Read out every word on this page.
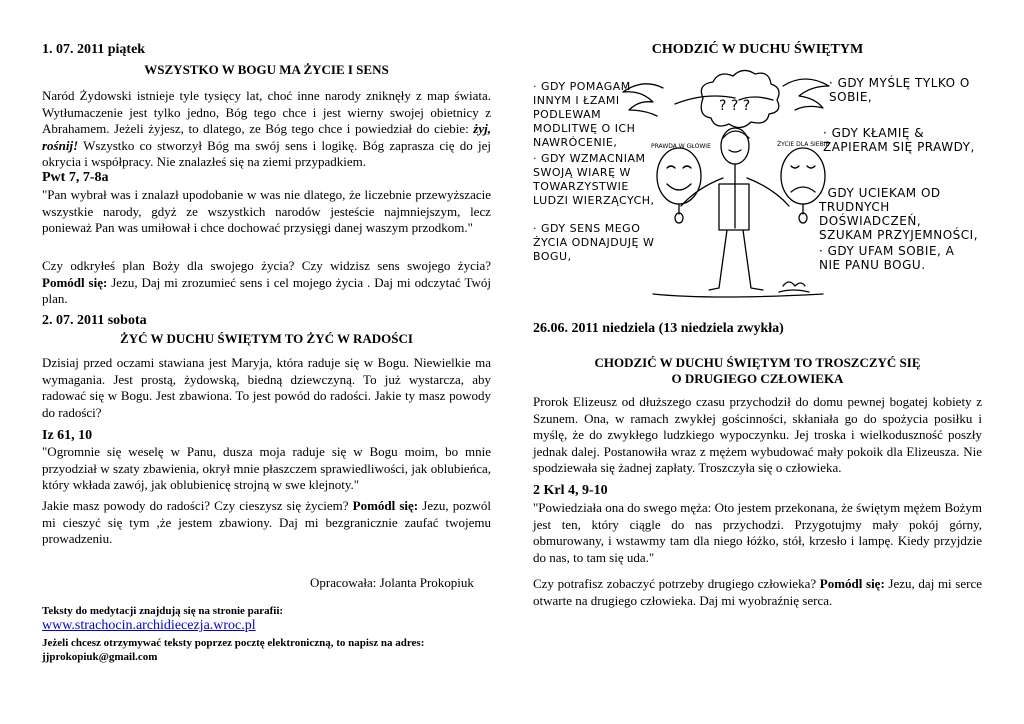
1. 07. 2011 piątek

WSZYSTKO W BOGU MA ŻYCIE I SENS

Naród Żydowski istnieje tyle tysięcy lat, choć inne narody zniknęły z map świata. Wytłumaczenie jest tylko jedno, Bóg tego chce i jest wierny swojej obietnicy z Abrahamem. Jeżeli żyjesz, to dlatego, ze Bóg tego chce i powiedział do ciebie: żyj, rośnij! Wszystko co stworzył Bóg ma swój sens i logikę. Bóg zaprasza cię do jej okrycia i współpracy. Nie znalazłeś się na ziemi przypadkiem.

Pwt 7, 7-8a

"Pan wybrał was i znalazł upodobanie w was nie dlatego, że liczebnie przewyższacie wszystkie narody, gdyż ze wszystkich narodów jesteście najmniejszym, lecz ponieważ Pan was umiłował i chce dochować przysięgi danej waszym przodkom."

Czy odkryłeś plan Boży dla swojego życia? Czy widzisz sens swojego życia? Pomódl się: Jezu, Daj mi zrozumieć sens i cel mojego życia . Daj mi odczytać Twój plan.

2. 07. 2011 sobota

ŻYĆ W DUCHU ŚWIĘTYM TO ŻYĆ W RADOŚCI

Dzisiaj przed oczami stawiana jest Maryja, która raduje się w Bogu. Niewielkie ma wymagania. Jest prostą, żydowską, biedną dziewczyną. To już wystarcza, aby radować się w Bogu. Jest zbawiona. To jest powód do radości. Jakie ty masz powody do radości?

Iz 61, 10

"Ogromnie się weselę w Panu, dusza moja raduje się w Bogu moim, bo mnie przyodział w szaty zbawienia, okrył mnie płaszczem sprawiedliwości, jak oblubieńca, który wkłada zawój, jak oblubienicę strojną w swe klejnoty."

Jakie masz powody do radości? Czy cieszysz się życiem? Pomódl się: Jezu, pozwól mi cieszyć się tym ,że jestem zbawiony. Daj mi bezgranicznie zaufać twojemu prowadzeniu.

Opracowała: Jolanta Prokopiuk

Teksty do medytacji znajdują się na stronie parafii:

www.strachocin.archidiecezja.wroc.pl

Jeżeli chcesz otrzymywać teksty poprzez pocztę elektroniczną, to napisz na adres:

jjprokopiuk@gmail.com

CHODZIĆ W DUCHU ŚWIĘTYM

? ? ?
PRAWDA W GŁOWIE	ŻYCIE DLA SIEBIE

· GDY POMAGAM INNYM I ŁZAMI PODLEWAM MODLITWĘ O ICH NAWRÓCENIE,

· GDY WZMACNIAM SWOJĄ WIARĘ W TOWARZYSTWIE LUDZI WIERZĄCYCH,

· GDY SENS MEGO ŻYCIA ODNAJDUJĘ W BOGU,

· GDY MYŚLĘ TYLKO O SOBIE,

· GDY KŁAMIĘ & ZAPIERAM SIĘ PRAWDY,

· GDY UCIEKAM OD TRUDNYCH DOŚWIADCZEŃ, SZUKAM PRZYJEMNOŚCI,

· GDY UFAM SOBIE, A NIE PANU BOGU.

26.06. 2011 niedziela (13 niedziela zwykła)

CHODZIĆ W DUCHU ŚWIĘTYM TO TROSZCZYĆ SIĘ

O DRUGIEGO CZŁOWIEKA

Prorok Elizeusz od dłuższego czasu przychodził do domu pewnej bogatej kobiety z Szunem. Ona, w ramach zwykłej gościnności, skłaniała go do spożycia posiłku i myślę, że do zwykłego ludzkiego wypoczynku. Jej troska i wielkoduszność poszły jednak dalej. Postanowiła wraz z mężem wybudować mały pokoik dla Elizeusza. Nie spodziewała się żadnej zapłaty. Troszczyła się o człowieka.

2 Krl 4, 9-10

"Powiedziała ona do swego męża: Oto jestem przekonana, że świętym mężem Bożym jest ten, który ciągle do nas przychodzi. Przygotujmy mały pokój górny, obmurowany, i wstawmy tam dla niego łóżko, stół, krzesło i lampę. Kiedy przyjdzie do nas, to tam się uda."

Czy potrafisz zobaczyć potrzeby drugiego człowieka? Pomódl się: Jezu, daj mi serce otwarte na drugiego człowieka. Daj mi wyobraźnię serca.
